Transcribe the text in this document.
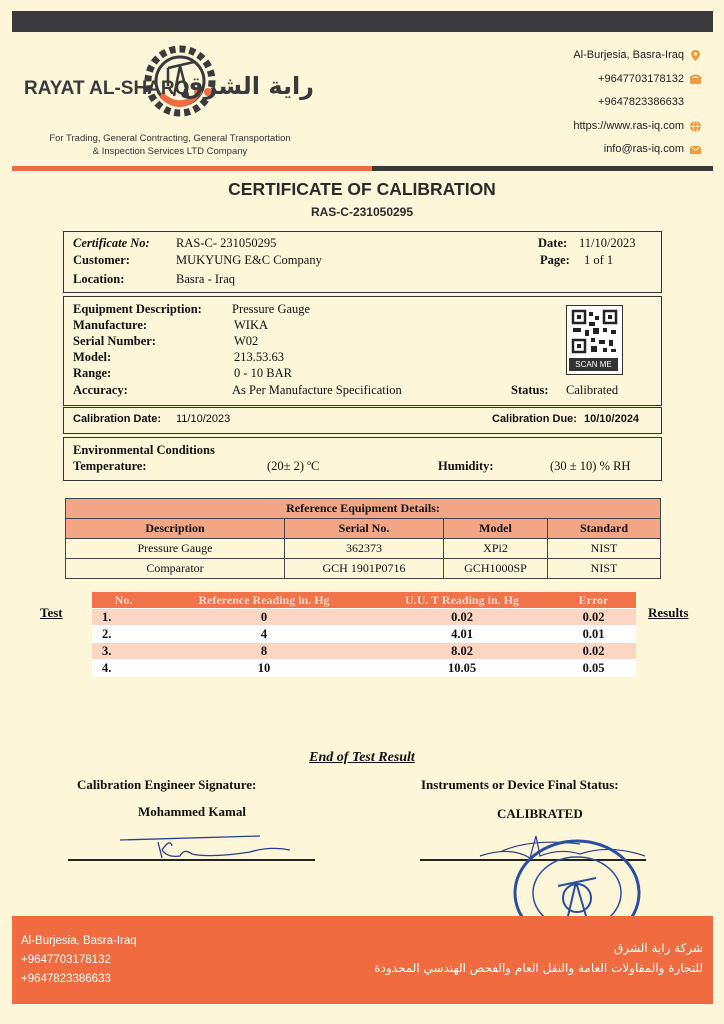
RAYAT AL-SHARQ
راية الشرق
For Trading, General Contracting, General Transportation
& Inspection Services LTD Company
Al-Burjesia, Basra-Iraq
+9647703178132
+9647823386633
https://www.ras-iq.com
info@ras-iq.com
CERTIFICATE OF CALIBRATION
RAS-C-231050295
Certificate No: RAS-C- 231050295
Customer:	MUKYUNG E&C Company
Location:	Basra - Iraq
Date: 11/10/2023
Page: 1 of 1
Equipment Description: Pressure Gauge
Manufacture:	WIKA
Serial Number:	W02
Model:	213.53.63
Range:	0 - 10 BAR
Accuracy:	As Per Manufacture Specification	Status: Calibrated
SCAN ME
Calibration Date: 11/10/2023	Calibration Due: 10/10/2024
Environmental Conditions
Temperature:	(20± 2) ºC	Humidity:	(30 ± 10) % RH
Reference Equipment Details:			
Description	Serial No.	Model	Standard
Pressure Gauge	362373	XPi2	NIST
Comparator	GCH 1901P0716	GCH1000SP	NIST
Test	Results
No.	Reference Reading in. Hg	U.U. T Reading in. Hg	Error
1.	0	0.02	0.02
2.	4	4.01	0.01
3.	8	8.02	0.02
4.	10	10.05	0.05
End of Test Result
Calibration Engineer Signature:	Instruments or Device Final Status:
Mohammed Kamal	CALIBRATED
Al-Burjesia, Basra-Iraq
+9647703178132
+9647823386633
شركة راية الشرق
للتجارة والمقاولات العامة والنقل العام والفحص الهندسي المحدودة
